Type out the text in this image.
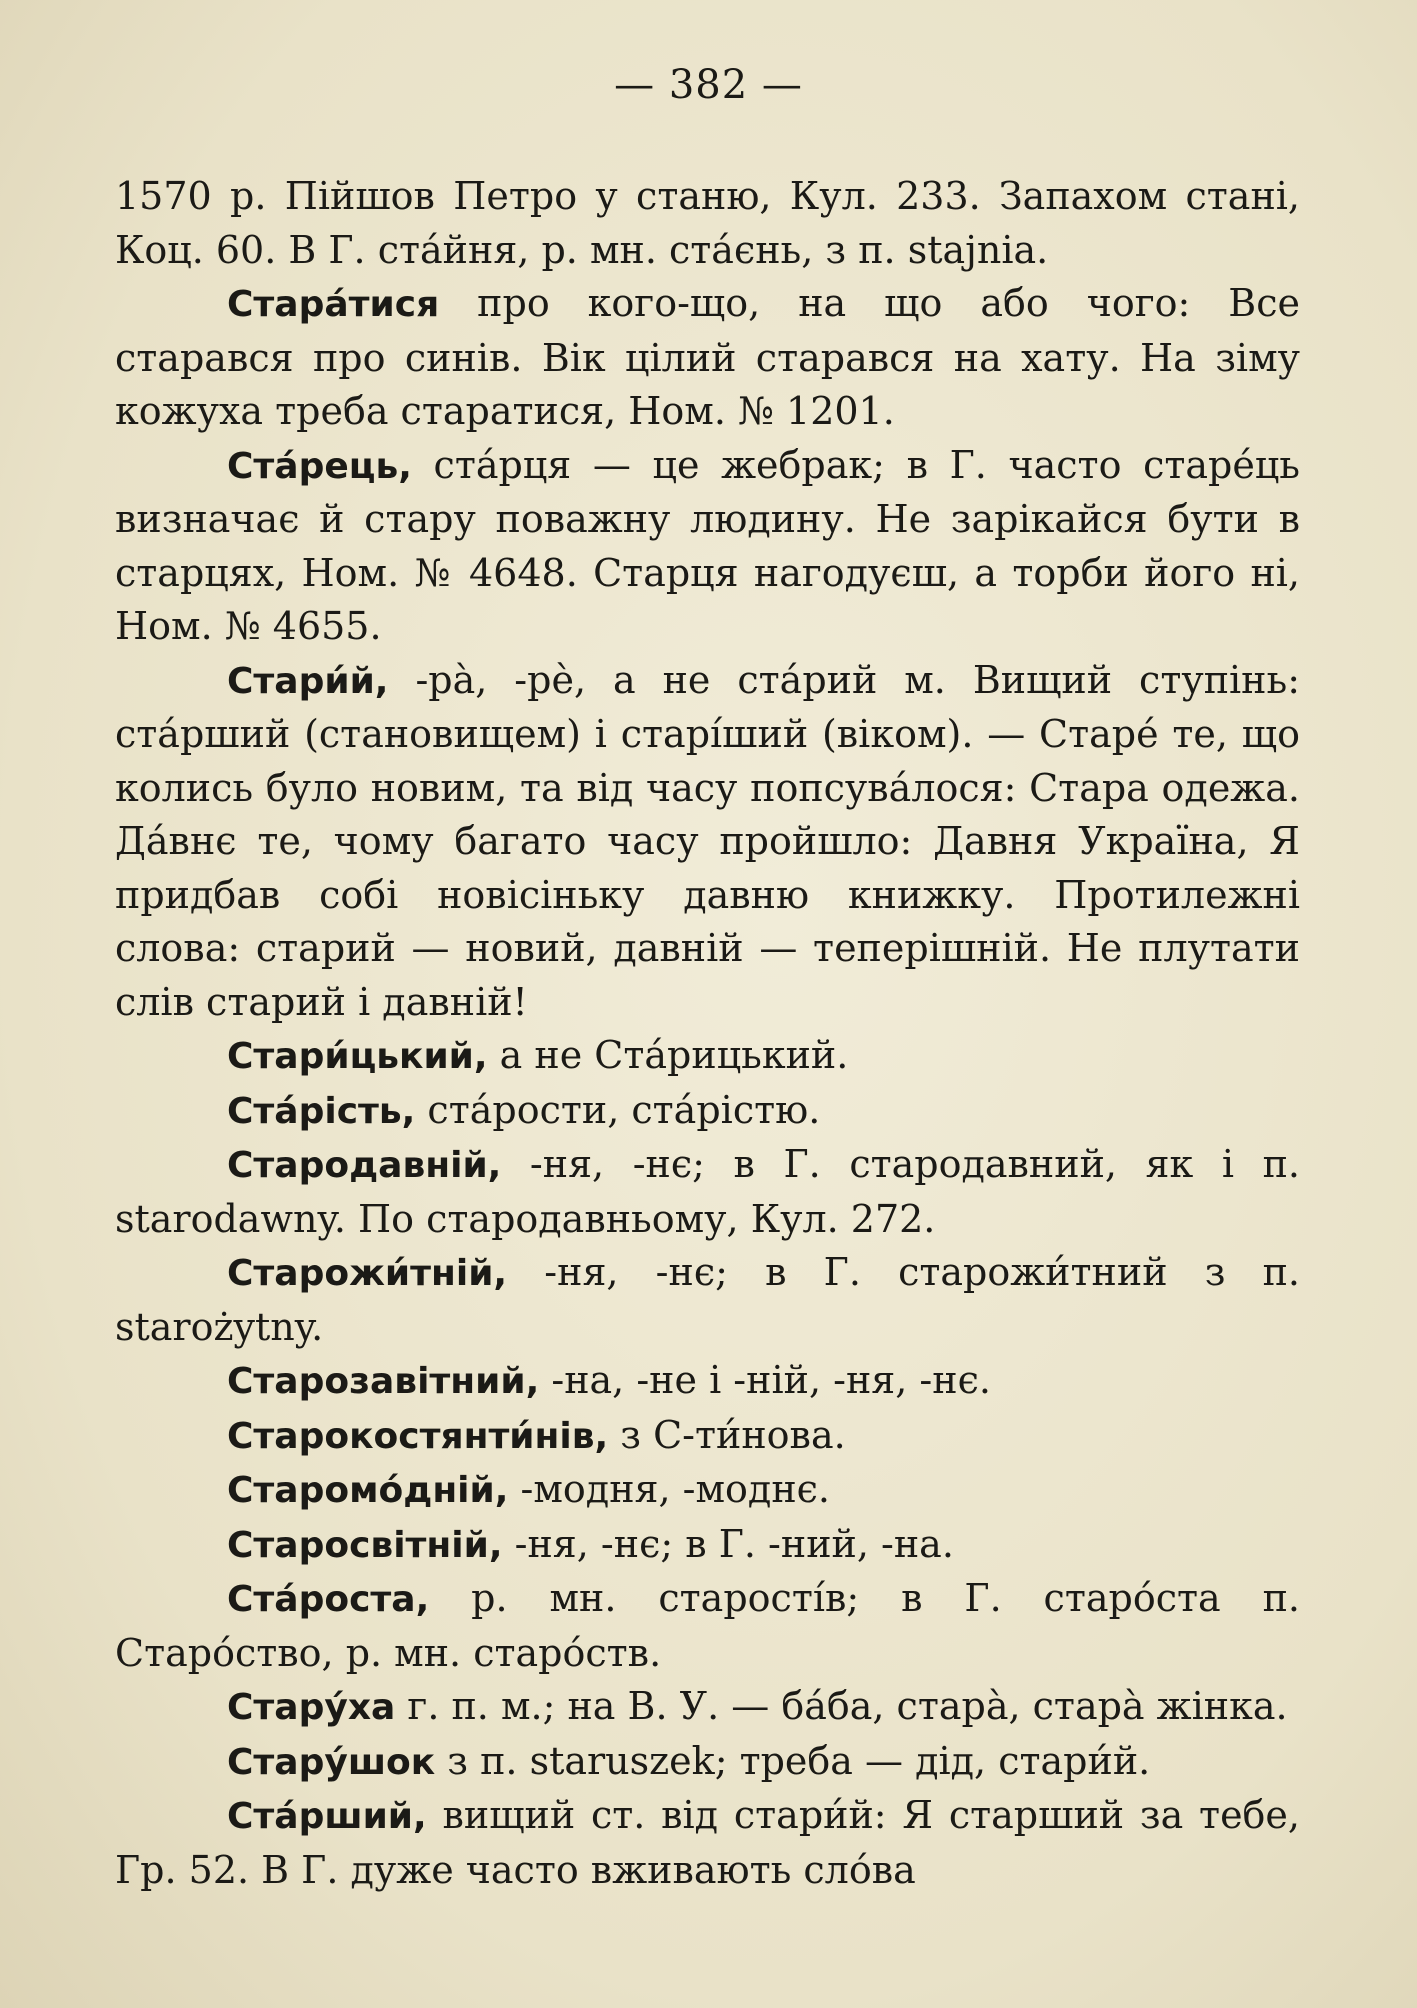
— 382 —

1570 р. Пійшов Петро у станю, Кул. 233. Запахом стані, Коц. 60. В Г. ста́йня, р. мн. ста́єнь, з п. stajnia.

Стара́тися про кого-що, на що або чого: Все старався про синів. Вік цілий старався на хату. На зіму кожуха треба старатися, Ном. № 1201.

Ста́рець, ста́рця — це жебрак; в Г. часто старе́ць визначає й стару поважну людину. Не зарікайся бути в старцях, Ном. № 4648. Старця нагодуєш, а торби його ні, Ном. № 4655.

Стари́й, -ра̀, -рѐ, а не ста́рий м. Вищий ступінь: ста́рший (становищем) і старі́ший (віком). — Старе́ те, що колись було новим, та від часу попсува́лося: Стара одежа. Да́внє те, чому багато часу пройшло: Давня Україна, Я придбав собі новісіньку давню книжку. Протилежні слова: старий — новий, давній — теперішній. Не плутати слів старий і давній!

Стари́цький, а не Ста́рицький.

Ста́рість, ста́рости, ста́рістю.

Стародавній, -ня, -нє; в Г. стародавний, як і п. starodawny. По стародавньому, Кул. 272.

Старожи́тній, -ня, -нє; в Г. старожи́тний з п. starożytny.

Старозавітний, -на, -не і -ній, -ня, -нє.

Старокостянти́нів, з С-ти́нова.

Старомо́дній, -модня, -моднє.

Старосвітній, -ня, -нє; в Г. -ний, -на.

Ста́роста, р. мн. старості́в; в Г. старо́ста п. Старо́ство, р. мн. старо́ств.

Стару́ха г. п. м.; на В. У. — ба́ба, стара̀, стара̀ жінка.

Стару́шок з п. staruszek; треба — дід, стари́й.

Ста́рший, вищий ст. від стари́й: Я старший за тебе, Гр. 52. В Г. дуже часто вживають сло́ва
